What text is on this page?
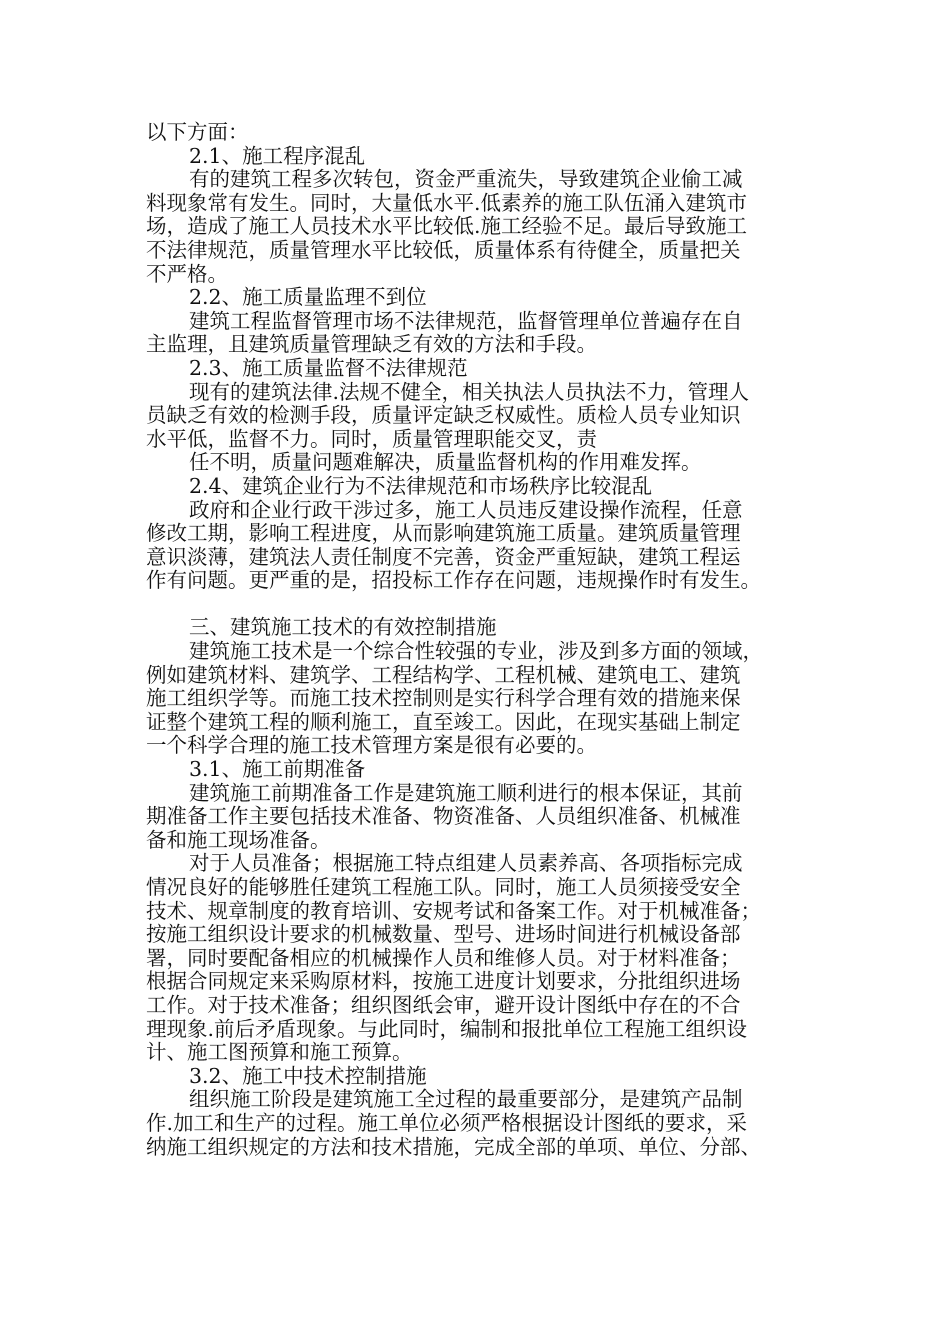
以下方面：
2.1、施工程序混乱
有的建筑工程多次转包，资金严重流失，导致建筑企业偷工减
料现象常有发生。同时，大量低水平.低素养的施工队伍涌入建筑市
场，造成了施工人员技术水平比较低.施工经验不足。最后导致施工
不法律规范，质量管理水平比较低，质量体系有待健全，质量把关
不严格。
2.2、施工质量监理不到位
建筑工程监督管理市场不法律规范，监督管理单位普遍存在自
主监理，且建筑质量管理缺乏有效的方法和手段。
2.3、施工质量监督不法律规范
现有的建筑法律.法规不健全，相关执法人员执法不力，管理人
员缺乏有效的检测手段，质量评定缺乏权威性。质检人员专业知识
水平低，监督不力。同时，质量管理职能交叉，责
任不明，质量问题难解决，质量监督机构的作用难发挥。
2.4、建筑企业行为不法律规范和市场秩序比较混乱
政府和企业行政干涉过多，施工人员违反建设操作流程，任意
修改工期，影响工程进度，从而影响建筑施工质量。建筑质量管理
意识淡薄，建筑法人责任制度不完善，资金严重短缺，建筑工程运
作有问题。更严重的是，招投标工作存在问题，违规操作时有发生。
三、建筑施工技术的有效控制措施
建筑施工技术是一个综合性较强的专业，涉及到多方面的领域，
例如建筑材料、建筑学、工程结构学、工程机械、建筑电工、建筑
施工组织学等。而施工技术控制则是实行科学合理有效的措施来保
证整个建筑工程的顺利施工，直至竣工。因此，在现实基础上制定
一个科学合理的施工技术管理方案是很有必要的。
3.1、施工前期准备
建筑施工前期准备工作是建筑施工顺利进行的根本保证，其前
期准备工作主要包括技术准备、物资准备、人员组织准备、机械准
备和施工现场准备。
对于人员准备；根据施工特点组建人员素养高、各项指标完成
情况良好的能够胜任建筑工程施工队。同时，施工人员须接受安全
技术、规章制度的教育培训、安规考试和备案工作。对于机械准备；
按施工组织设计要求的机械数量、型号、进场时间进行机械设备部
署，同时要配备相应的机械操作人员和维修人员。对于材料准备；
根据合同规定来采购原材料，按施工进度计划要求，分批组织进场
工作。对于技术准备；组织图纸会审，避开设计图纸中存在的不合
理现象.前后矛盾现象。与此同时，编制和报批单位工程施工组织设
计、施工图预算和施工预算。
3.2、施工中技术控制措施
组织施工阶段是建筑施工全过程的最重要部分，是建筑产品制
作.加工和生产的过程。施工单位必须严格根据设计图纸的要求，采
纳施工组织规定的方法和技术措施，完成全部的单项、单位、分部、
